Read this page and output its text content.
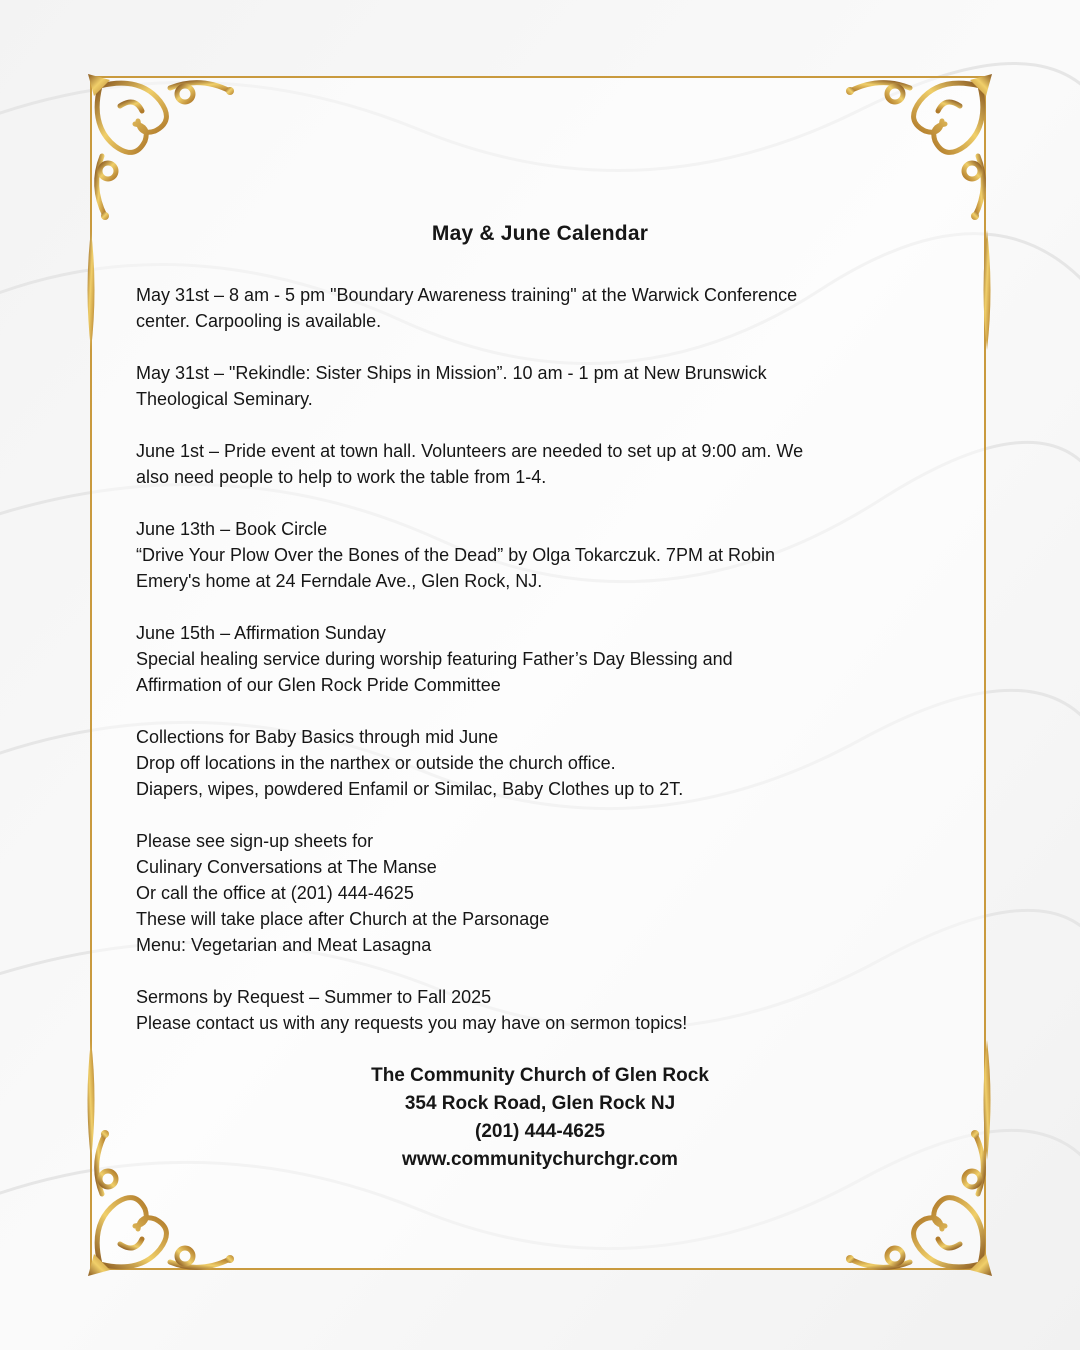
May & June Calendar

May 31st – 8 am - 5 pm "Boundary Awareness training" at the Warwick Conference
center. Carpooling is available.

May 31st – "Rekindle: Sister Ships in Mission”. 10 am - 1 pm at New Brunswick
Theological Seminary.

June 1st – Pride event at town hall. Volunteers are needed to set up at 9:00 am. We
also need people to help to work the table from 1-4.

June 13th – Book Circle
“Drive Your Plow Over the Bones of the Dead” by Olga Tokarczuk. 7PM at Robin
Emery's home at 24 Ferndale Ave., Glen Rock, NJ.

June 15th – Affirmation Sunday
Special healing service during worship featuring Father’s Day Blessing and
Affirmation of our Glen Rock Pride Committee

Collections for Baby Basics through mid June
Drop off locations in the narthex or outside the church office.
Diapers, wipes, powdered Enfamil or Similac, Baby Clothes up to 2T.

Please see sign-up sheets for
Culinary Conversations at The Manse
Or call the office at (201) 444-4625
These will take place after Church at the Parsonage
Menu: Vegetarian and Meat Lasagna

Sermons by Request – Summer to Fall 2025
Please contact us with any requests you may have on sermon topics!

The Community Church of Glen Rock
354 Rock Road, Glen Rock NJ
(201) 444-4625
www.communitychurchgr.com
